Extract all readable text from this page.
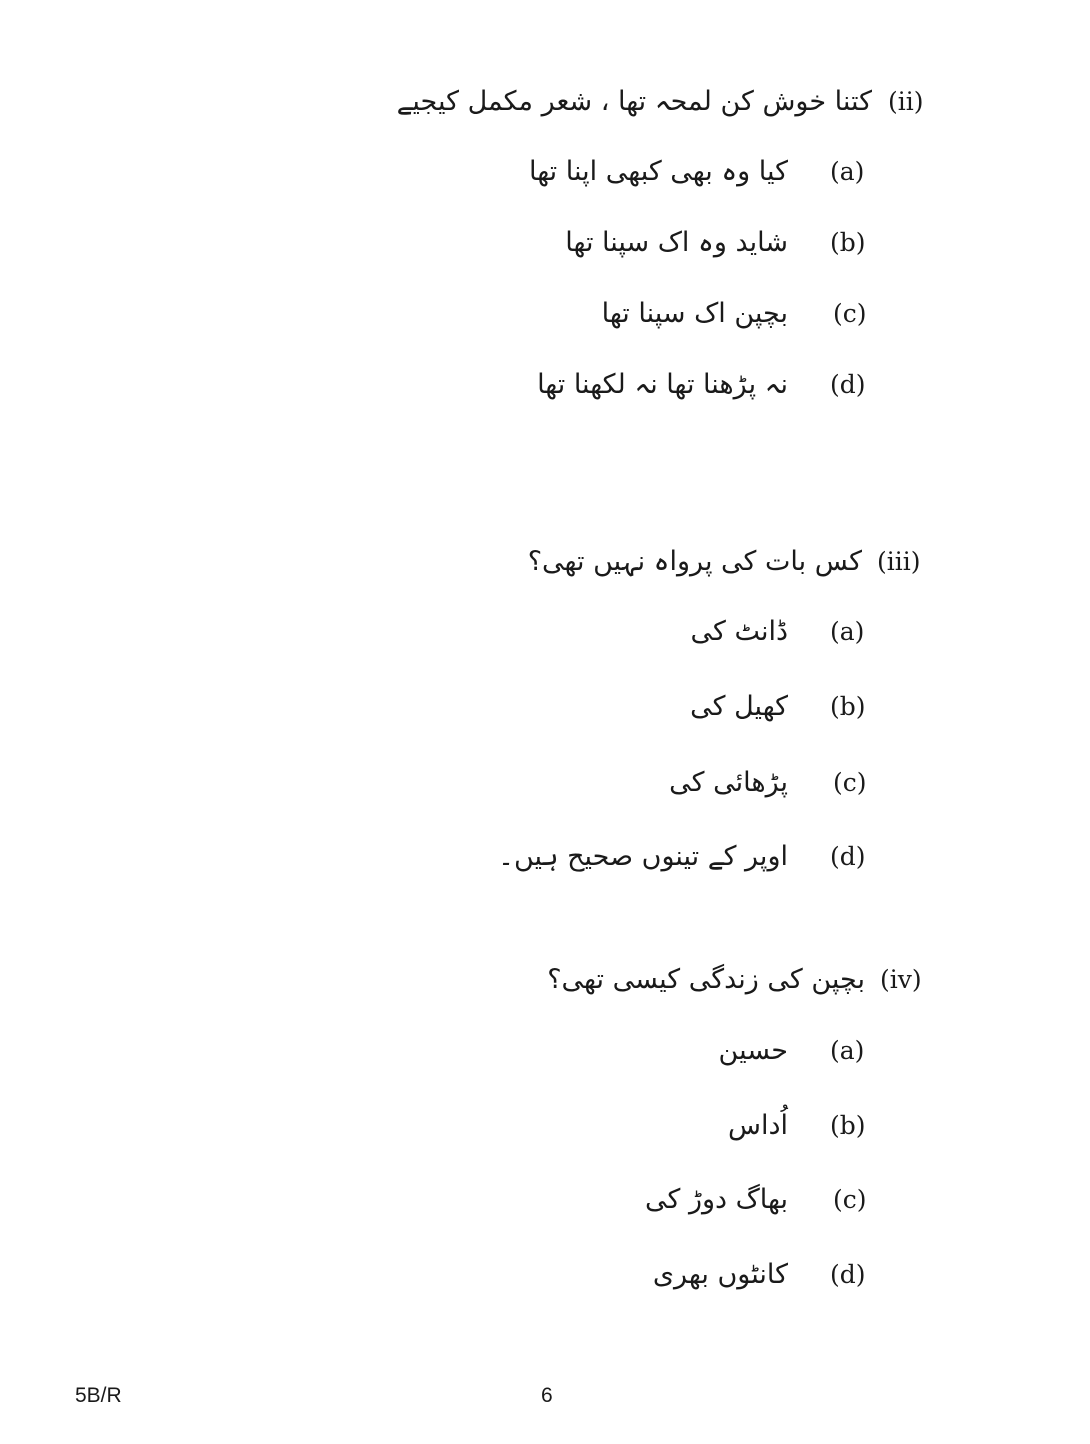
(ii)
کتنا خوش کن لمحہ تھا ، شعر مکمل کیجیے
(a)
کیا وہ بھی کبھی اپنا تھا
(b)
شاید وہ اک سپنا تھا
(c)
بچپن اک سپنا تھا
(d)
نہ پڑھنا تھا نہ لکھنا تھا
(iii)
کس بات کی پرواہ نہیں تھی؟
(a)
ڈانٹ کی
(b)
کھیل کی
(c)
پڑھائی کی
(d)
اوپر کے تینوں صحیح ہیں۔
(iv)
بچپن کی زندگی کیسی تھی؟
(a)
حسین
(b)
اُداس
(c)
بھاگ دوڑ کی
(d)
کانٹوں بھری
5B/R	6
